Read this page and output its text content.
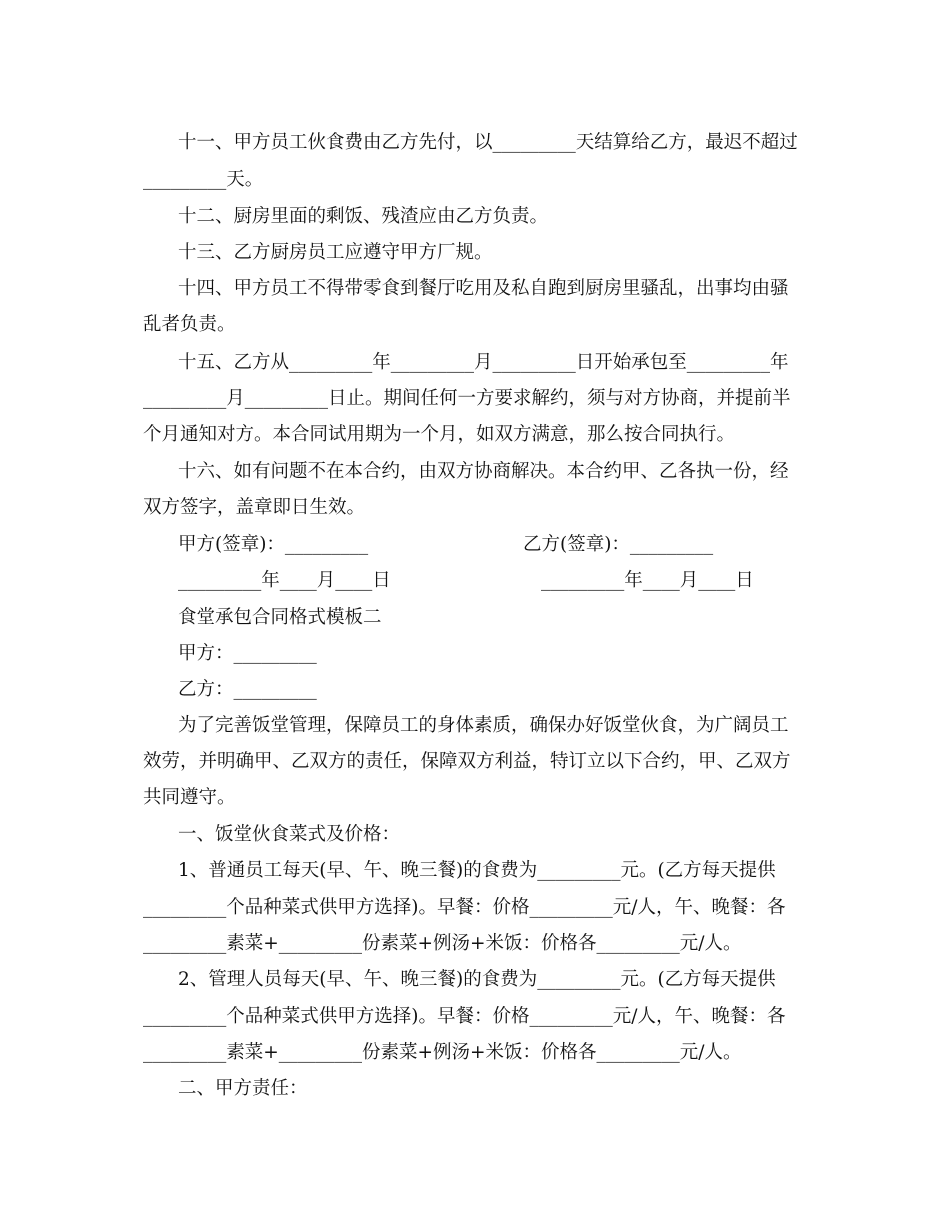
十一、甲方员工伙食费由乙方先付，以_________天结算给乙方，最迟不超过

_________天。

十二、厨房里面的剩饭、残渣应由乙方负责。

十三、乙方厨房员工应遵守甲方厂规。

十四、甲方员工不得带零食到餐厅吃用及私自跑到厨房里骚乱，出事均由骚

乱者负责。

十五、乙方从_________年_________月_________日开始承包至_________年

_________月_________日止。期间任何一方要求解约，须与对方协商，并提前半

个月通知对方。本合同试用期为一个月，如双方满意，那么按合同执行。

十六、如有问题不在本合约，由双方协商解决。本合约甲、乙各执一份，经

双方签字，盖章即日生效。

甲方(签章)：_________	乙方(签章)：_________

_________年____月____日	_________年____月____日

食堂承包合同格式模板二

甲方：_________

乙方：_________

为了完善饭堂管理，保障员工的身体素质，确保办好饭堂伙食，为广阔员工

效劳，并明确甲、乙双方的责任，保障双方利益，特订立以下合约，甲、乙双方

共同遵守。

一、饭堂伙食菜式及价格：

1、普通员工每天(早、午、晚三餐)的食费为_________元。(乙方每天提供

_________个品种菜式供甲方选择)。早餐：价格_________元/人，午、晚餐：各

_________素菜+_________份素菜+例汤+米饭：价格各_________元/人。

2、管理人员每天(早、午、晚三餐)的食费为_________元。(乙方每天提供

_________个品种菜式供甲方选择)。早餐：价格_________元/人，午、晚餐：各

_________素菜+_________份素菜+例汤+米饭：价格各_________元/人。

二、甲方责任：
